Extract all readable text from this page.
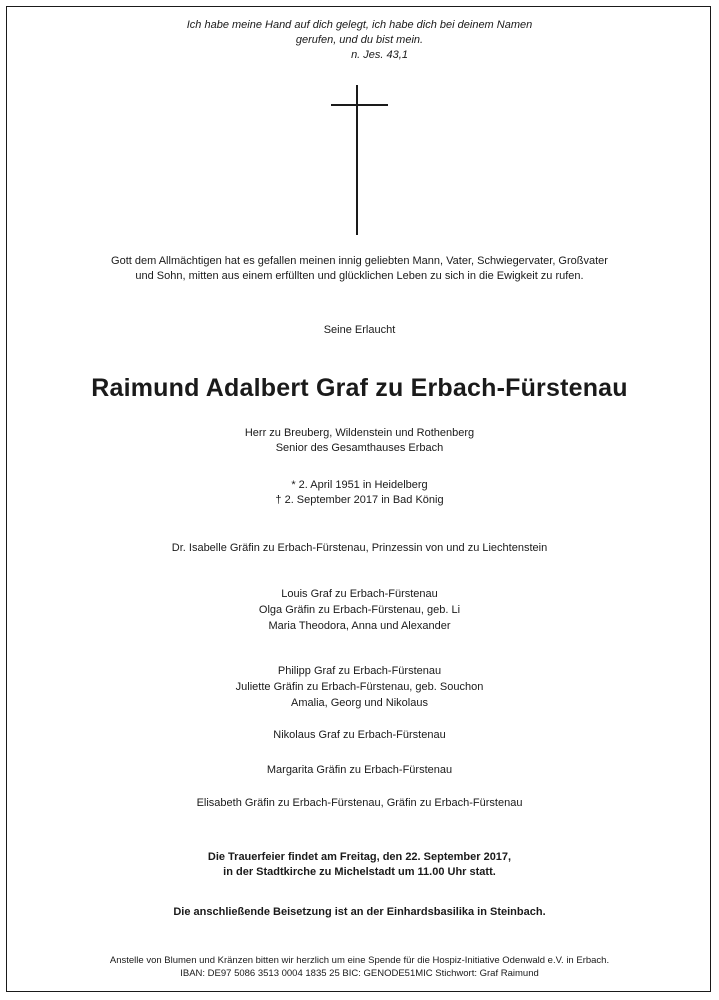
Ich habe meine Hand auf dich gelegt, ich habe dich bei deinem Namen
gerufen, und du bist mein.
n. Jes. 43,1
Gott dem Allmächtigen hat es gefallen meinen innig geliebten Mann, Vater, Schwiegervater, Großvater
und Sohn, mitten aus einem erfüllten und glücklichen Leben zu sich in die Ewigkeit zu rufen.
Seine Erlaucht
Raimund Adalbert Graf zu Erbach-Fürstenau
Herr zu Breuberg, Wildenstein und Rothenberg
Senior des Gesamthauses Erbach
* 2. April 1951 in Heidelberg
† 2. September 2017 in Bad König
Dr. Isabelle Gräfin zu Erbach-Fürstenau, Prinzessin von und zu Liechtenstein
Louis Graf zu Erbach-Fürstenau
Olga Gräfin zu Erbach-Fürstenau, geb. Li
Maria Theodora, Anna und Alexander
Philipp Graf zu Erbach-Fürstenau
Juliette Gräfin zu Erbach-Fürstenau, geb. Souchon
Amalia, Georg und Nikolaus
Nikolaus Graf zu Erbach-Fürstenau
Margarita Gräfin zu Erbach-Fürstenau
Elisabeth Gräfin zu Erbach-Fürstenau, Gräfin zu Erbach-Fürstenau
Die Trauerfeier findet am Freitag, den 22. September 2017,
in der Stadtkirche zu Michelstadt um 11.00 Uhr statt.
Die anschließende Beisetzung ist an der Einhardsbasilika in Steinbach.
Anstelle von Blumen und Kränzen bitten wir herzlich um eine Spende für die Hospiz-Initiative Odenwald e.V. in Erbach.
IBAN: DE97 5086 3513 0004 1835 25 BIC: GENODE51MIC Stichwort: Graf Raimund
